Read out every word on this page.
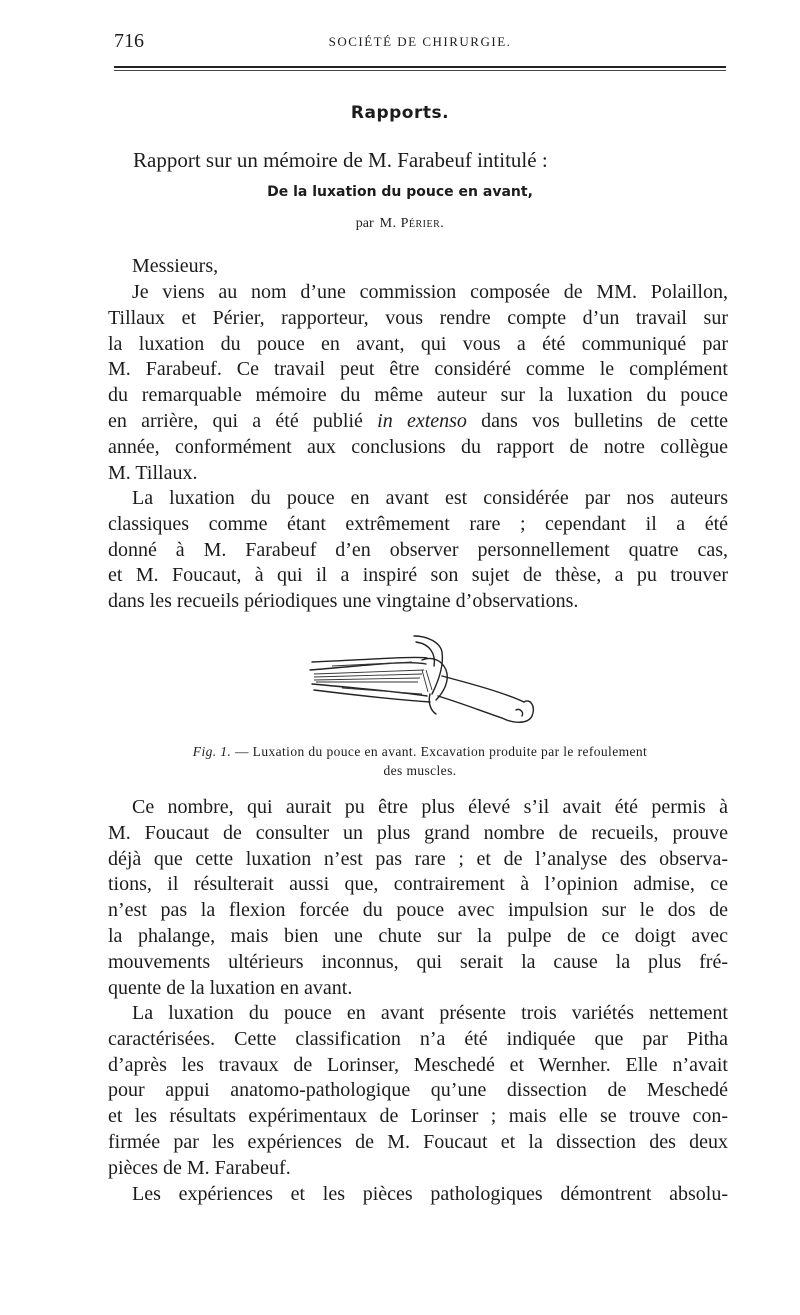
716	SOCIÉTÉ DE CHIRURGIE.
Rapports.
Rapport sur un mémoire de M. Farabeuf intitulé :
De la luxation du pouce en avant,
par M. Périer.
Messieurs,
Je viens au nom d’une commission composée de MM. Polaillon,
Tillaux et Périer, rapporteur, vous rendre compte d’un travail sur
la luxation du pouce en avant, qui vous a été communiqué par
M. Farabeuf. Ce travail peut être considéré comme le complément
du remarquable mémoire du même auteur sur la luxation du pouce
en arrière, qui a été publié in extenso dans vos bulletins de cette
année, conformément aux conclusions du rapport de notre collègue
M. Tillaux.
La luxation du pouce en avant est considérée par nos auteurs
classiques comme étant extrêmement rare ; cependant il a été
donné à M. Farabeuf d’en observer personnellement quatre cas,
et M. Foucaut, à qui il a inspiré son sujet de thèse, a pu trouver
dans les recueils périodiques une vingtaine d’observations.
Fig. 1. — Luxation du pouce en avant. Excavation produite par le refoulement
des muscles.
Ce nombre, qui aurait pu être plus élevé s’il avait été permis à
M. Foucaut de consulter un plus grand nombre de recueils, prouve
déjà que cette luxation n’est pas rare ; et de l’analyse des observa-
tions, il résulterait aussi que, contrairement à l’opinion admise, ce
n’est pas la flexion forcée du pouce avec impulsion sur le dos de
la phalange, mais bien une chute sur la pulpe de ce doigt avec
mouvements ultérieurs inconnus, qui serait la cause la plus fré-
quente de la luxation en avant.
La luxation du pouce en avant présente trois variétés nettement
caractérisées. Cette classification n’a été indiquée que par Pitha
d’après les travaux de Lorinser, Meschedé et Wernher. Elle n’avait
pour appui anatomo-pathologique qu’une dissection de Meschedé
et les résultats expérimentaux de Lorinser ; mais elle se trouve con-
firmée par les expériences de M. Foucaut et la dissection des deux
pièces de M. Farabeuf.
Les expériences et les pièces pathologiques démontrent absolu-
